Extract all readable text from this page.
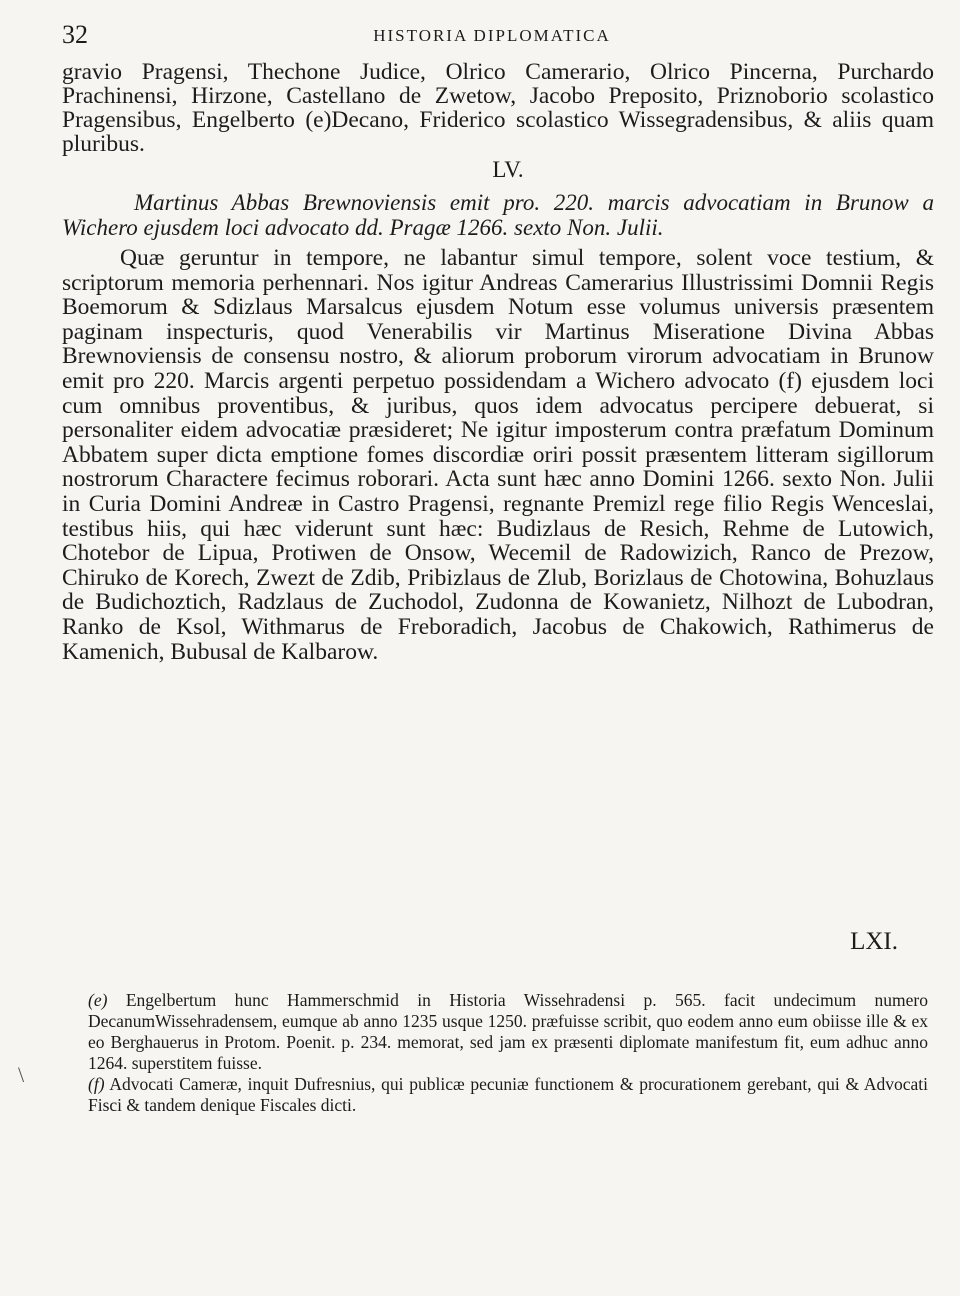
32	HISTORIA DIPLOMATICA

gravio Pragensi, Thechone Judice, Olrico Camerario, Olrico Pincerna, Purchardo Prachinensi, Hirzone, Castellano de Zwetow, Jacobo Preposito, Priznoborio scolastico Pragensibus, Engelberto (e)Decano, Friderico scolastico Wissegradensibus, & aliis quam pluribus.

LV.

Martinus Abbas Brewnoviensis emit pro. 220. marcis advocatiam in Brunow a Wichero ejusdem loci advocato dd. Pragæ 1266. sexto Non. Julii.

Quæ geruntur in tempore, ne labantur simul tempore, solent voce testium, & scriptorum memoria perhennari. Nos igitur Andreas Camerarius Illustrissimi Domnii Regis Boemorum & Sdizlaus Marsalcus ejusdem Notum esse volumus universis præsentem paginam inspecturis, quod Venerabilis vir Martinus Miseratione Divina Abbas Brewnoviensis de consensu nostro, & aliorum proborum virorum advocatiam in Brunow emit pro 220. Marcis argenti perpetuo possidendam a Wichero advocato (f) ejusdem loci cum omnibus proventibus, & juribus, quos idem advocatus percipere debuerat, si personaliter eidem advocatiæ præsideret; Ne igitur imposterum contra præfatum Dominum Abbatem super dicta emptione fomes discordiæ oriri possit præsentem litteram sigillorum nostrorum Charactere fecimus roborari. Acta sunt hæc anno Domini 1266. sexto Non. Julii in Curia Domini Andreæ in Castro Pragensi, regnante Premizl rege filio Regis Wenceslai, testibus hiis, qui hæc viderunt sunt hæc: Budizlaus de Resich, Rehme de Lutowich, Chotebor de Lipua, Protiwen de Onsow, Wecemil de Radowizich, Ranco de Prezow, Chiruko de Korech, Zwezt de Zdib, Pribizlaus de Zlub, Borizlaus de Chotowina, Bohuzlaus de Budichoztich, Radzlaus de Zuchodol, Zudonna de Kowanietz, Nilhozt de Lubodran, Ranko de Ksol, Withmarus de Freboradich, Jacobus de Chakowich, Rathimerus de Kamenich, Bubusal de Kalbarow.

LXI.
\

(e) Engelbertum hunc Hammerschmid in Historia Wissehradensi p. 565. facit undecimum numero DecanumWissehradensem, eumque ab anno 1235 usque 1250. præfuisse scribit, quo eodem anno eum obiisse ille & ex eo Berghauerus in Protom. Poenit. p. 234. memorat, sed jam ex præsenti diplomate manifestum fit, eum adhuc anno 1264. superstitem fuisse.

(f) Advocati Cameræ, inquit Dufresnius, qui publicæ pecuniæ functionem & procurationem gerebant, qui & Advocati Fisci & tandem denique Fiscales dicti.
